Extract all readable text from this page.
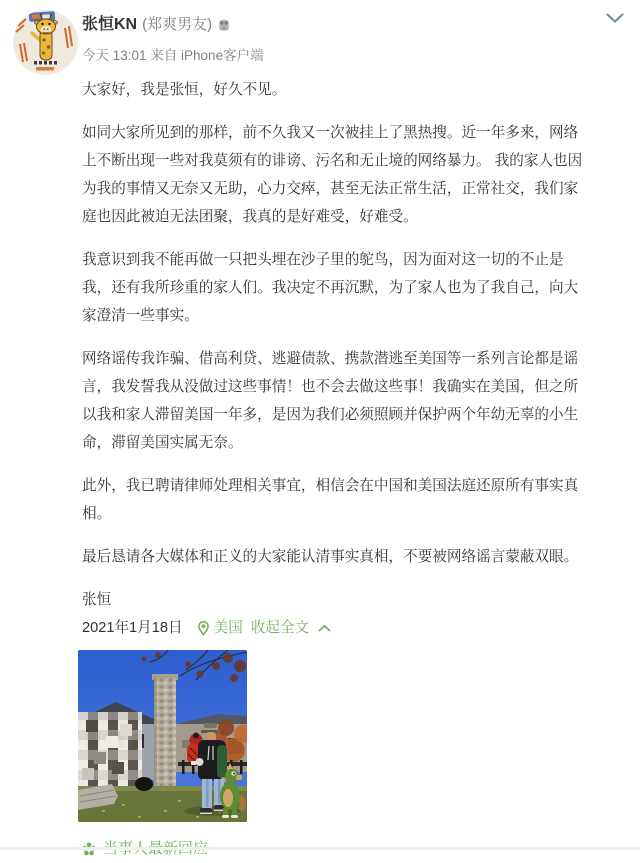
张恒KN (郑爽男友)
今天 13:01 来自 iPhone客户端

大家好，我是张恒，好久不见。

如同大家所见到的那样，前不久我又一次被挂上了黑热搜。近一年多来，网络上不断出现一些对我莫须有的诽谤、污名和无止境的网络暴力。 我的家人也因为我的事情又无奈又无助，心力交瘁，甚至无法正常生活，正常社交，我们家庭也因此被迫无法团聚，我真的是好难受，好难受。

我意识到我不能再做一只把头埋在沙子里的鸵鸟，因为面对这一切的不止是我，还有我所珍重的家人们。我决定不再沉默，为了家人也为了我自己，向大家澄清一些事实。

网络谣传我诈骗、借高利贷、逃避债款、携款潜逃至美国等一系列言论都是谣言，我发誓我从没做过这些事情！也不会去做这些事！我确实在美国，但之所以我和家人滞留美国一年多，是因为我们必须照顾并保护两个年幼无辜的小生命，滞留美国实属无奈。

此外，我已聘请律师处理相关事宜，相信会在中国和美国法庭还原所有事实真相。

最后恳请各大媒体和正义的大家能认清事实真相，不要被网络谣言蒙蔽双眼。

张恒

2021年1月18日 美国 收起全文
